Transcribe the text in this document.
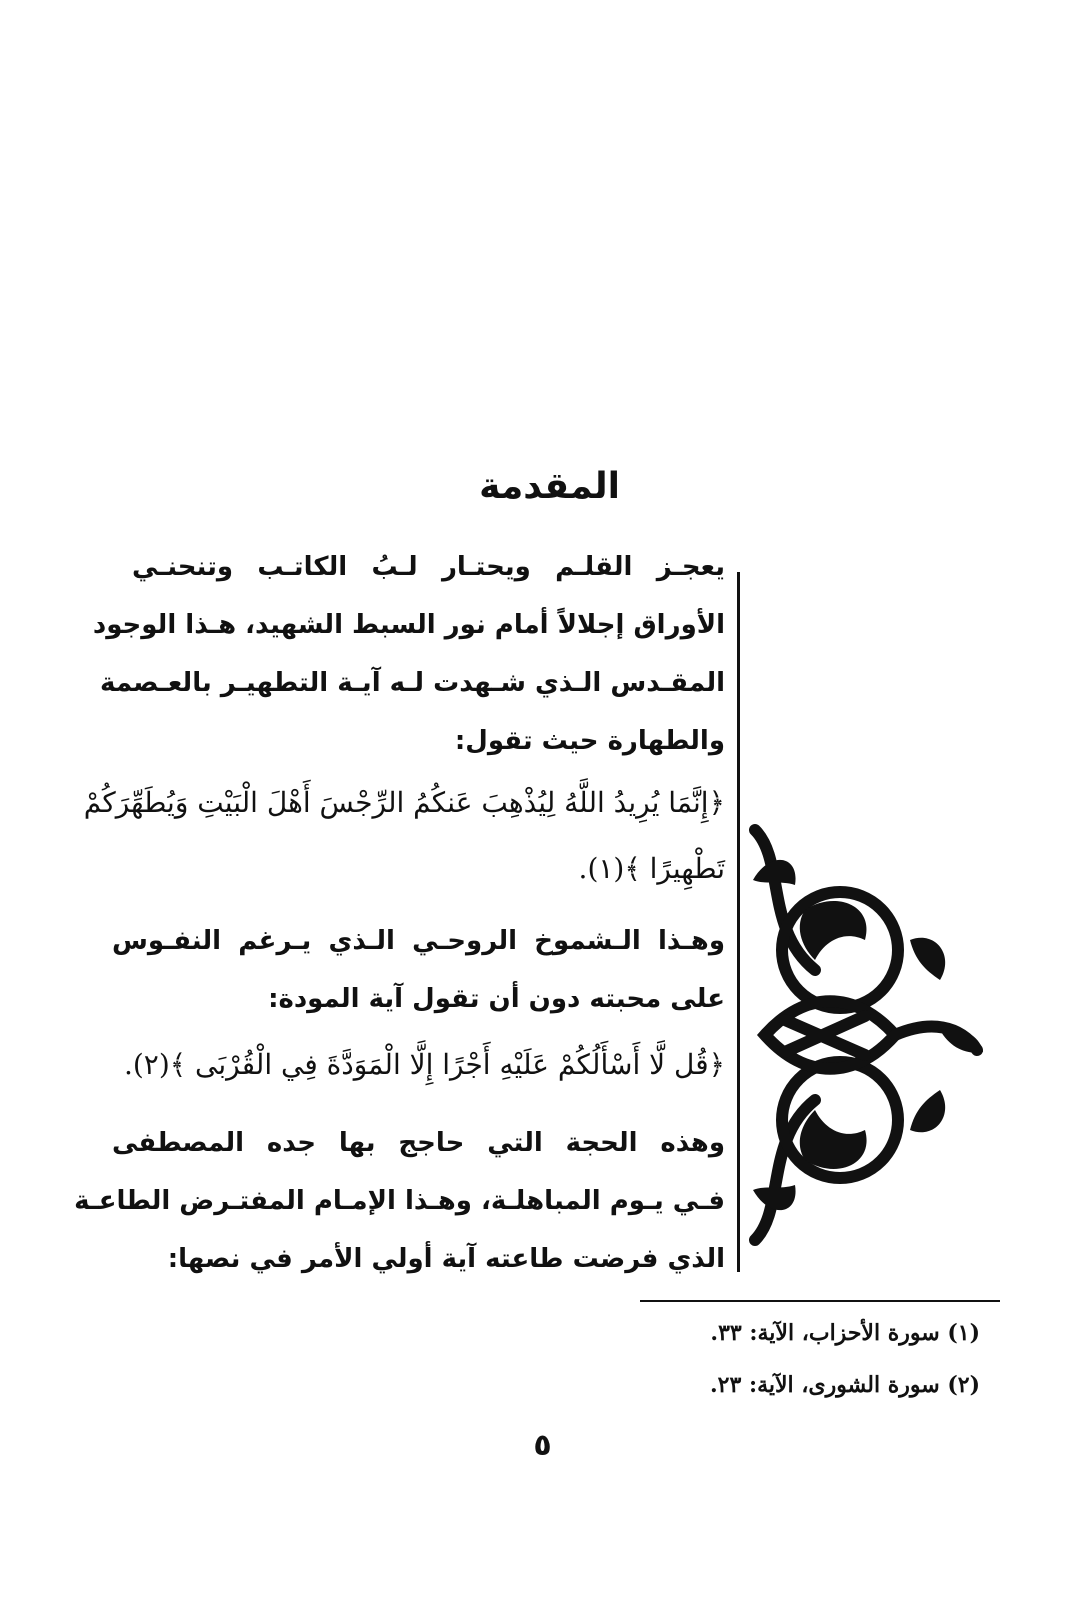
المقدمة
يعجـز القلـم ويحتـار لـبُ الكاتـب وتنحنـي
الأوراق إجلالاً أمام نور السبط الشهيد، هـذا الوجود
المقـدس الـذي شـهدت لـه آيـة التطهيـر بالعـصمة
والطهارة حيث تقول:
﴿إِنَّمَا يُرِيدُ اللَّهُ لِيُذْهِبَ عَنكُمُ الرِّجْسَ أَهْلَ الْبَيْتِ وَيُطَهِّرَكُمْ
تَطْهِيرًا ﴾(١).
وهـذا الـشموخ الروحـي الـذي يـرغم النفـوس
على محبته دون أن تقول آية المودة:
﴿قُل لَّا أَسْأَلُكُمْ عَلَيْهِ أَجْرًا إِلَّا الْمَوَدَّةَ فِي الْقُرْبَى ﴾(٢).
وهذه الحجة التي حاجج بها جده المصطفى
فـي يـوم المباهلـة، وهـذا الإمـام المفتـرض الطاعـة
الذي فرضت طاعته آية أولي الأمر في نصها:
(١) سورة الأحزاب، الآية: ٣٣.
(٢) سورة الشورى، الآية: ٢٣.
٥
